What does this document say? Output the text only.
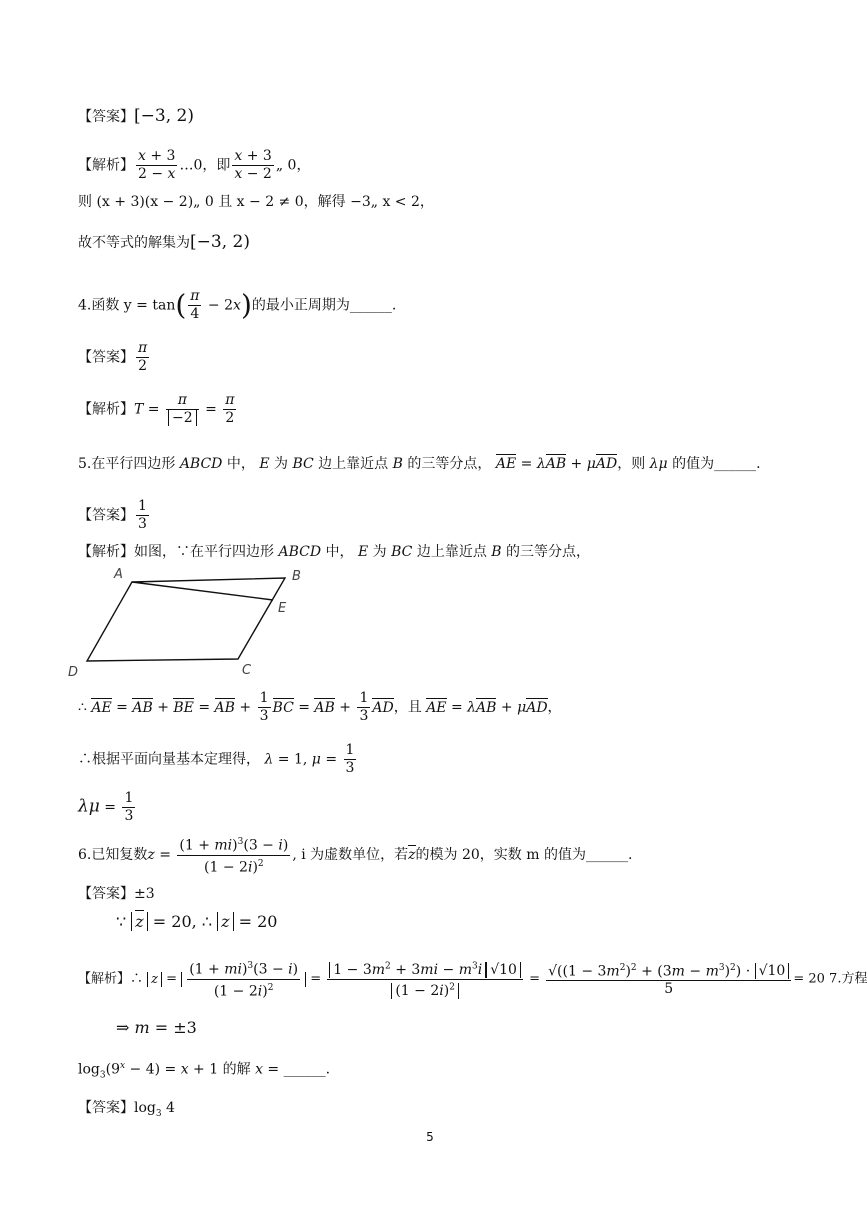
【答案】[−3, 2)
【解析】 $\frac{x + 3}{2 - x}$ …0，即 $\frac{x + 3}{x - 2}$ „ 0，
则 (x + 3)(x − 2)„ 0 且 x − 2 ≠ 0，解得 −3„ x < 2，
故不等式的解集为[−3, 2)
4.函数 $y = \tan( \frac{\pi}{4} - 2x)$的最小正周期为______.
【答案】 $\frac{\pi}{2}$
【解析】$T = \frac{\pi}{-2} = \frac{\pi}{2}$
5.在平行四边形 ABCD 中， E 为 BC 边上靠近点 B 的三等分点， AE = λAB + μAD，则 λμ 的值为______.
【答案】 $\frac{1}{3}$
【解析】如图，∵在平行四边形 ABCD 中， E 为 BC 边上靠近点 B 的三等分点，
A	B
E
D	C
∴ AE = AB + BE = AB + $\frac{1}{3}$ BC = AB + $\frac{1}{3}$ AD，且 AE = λAB + μAD，
∴根据平面向量基本定理得， λ = 1, $\mu = \frac{1}{3}$
$\lambda\mu = \frac{1}{3}$
6.已知复数$z = \frac{(1 + mi)^3(3 - i)}{(1 - 2i)^2}$ , i 为虚数单位，若z的模为 20，实数 m 的值为______.
【答案】±3
∵ z = 20, ∴ z = 20
【解析】∴ $z = \frac{(1 + mi)^3(3 - i)}{(1 - 2i)^2} = \frac{1 - 3m^2 + 3mi - m^3i √10}{(1 - 2i)^2} = \frac{√((1 - 3m^2)^2 + (3m - m^3)^2) \cdot √10}{5} = 20$ 7.方程
⇒ m = ±3
$\log_3(9^x - 4) = x + 1$ 的解 x = ______.
【答案】$\log_3 4$
5
